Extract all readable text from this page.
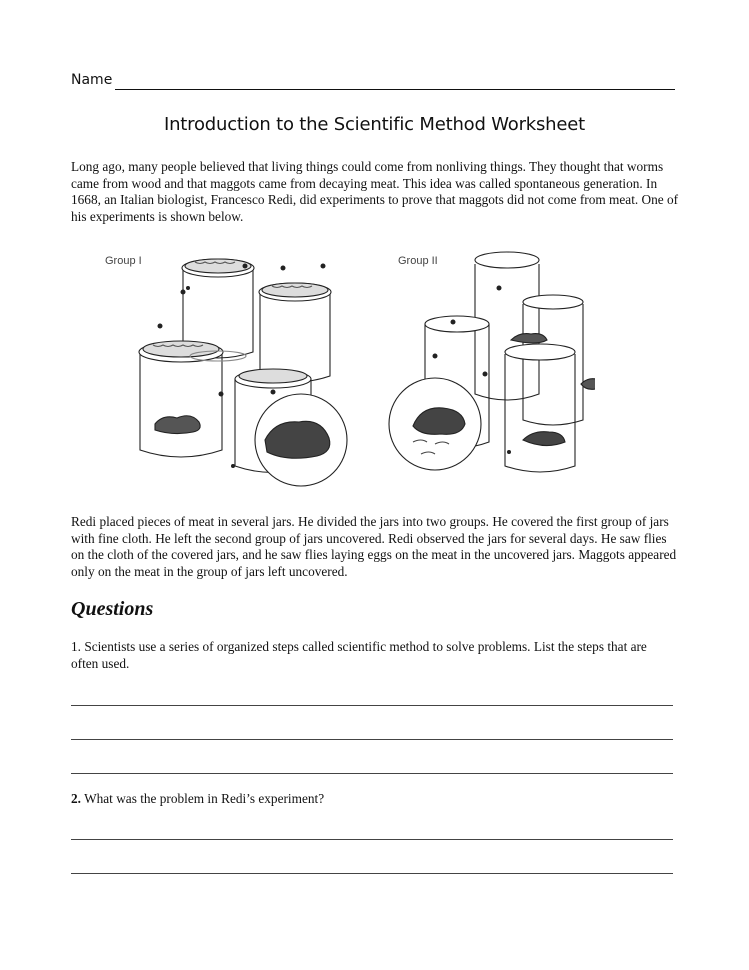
Name
Introduction to the Scientific Method Worksheet
Long ago, many people believed that living things could come from nonliving things. They thought that worms came from wood and that maggots came from decaying meat. This idea was called spontaneous generation. In 1668, an Italian biologist, Francesco Redi, did experiments to prove that maggots did not come from meat. One of his experiments is shown below.
Group I	Group II
Redi placed pieces of meat in several jars. He divided the jars into two groups. He covered the first group of jars with fine cloth. He left the second group of jars uncovered. Redi observed the jars for several days. He saw flies on the cloth of the covered jars, and he saw flies laying eggs on the meat in the uncovered jars. Maggots appeared only on the meat in the group of jars left uncovered.
Questions
1. Scientists use a series of organized steps called scientific method to solve problems. List the steps that are often used.
2. What was the problem in Redi’s experiment?
